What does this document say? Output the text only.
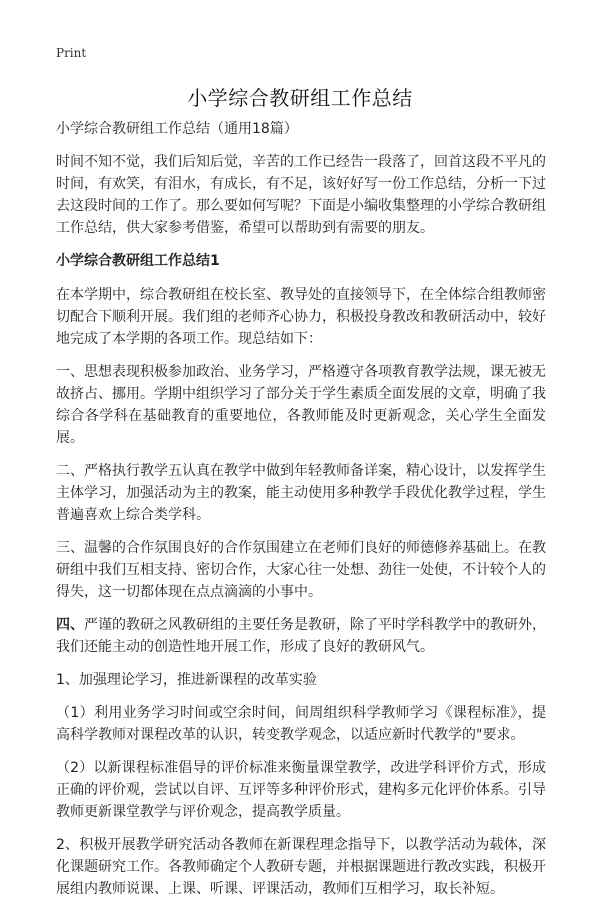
Print
小学综合教研组工作总结

小学综合教研组工作总结（通用18篇）

时间不知不觉，我们后知后觉，辛苦的工作已经告一段落了，回首这段不平凡的时间，有欢笑，有泪水，有成长，有不足，该好好写一份工作总结，分析一下过去这段时间的工作了。那么要如何写呢？下面是小编收集整理的小学综合教研组工作总结，供大家参考借鉴，希望可以帮助到有需要的朋友。

小学综合教研组工作总结1

在本学期中，综合教研组在校长室、教导处的直接领导下，在全体综合组教师密切配合下顺利开展。我们组的老师齐心协力，积极投身教改和教研活动中，较好地完成了本学期的各项工作。现总结如下：

一、思想表现积极参加政治、业务学习，严格遵守各项教育教学法规，课无被无故挤占、挪用。学期中组织学习了部分关于学生素质全面发展的文章，明确了我综合各学科在基础教育的重要地位，各教师能及时更新观念，关心学生全面发展。

二、严格执行教学五认真在教学中做到年轻教师备详案，精心设计，以发挥学生主体学习，加强活动为主的教案，能主动使用多种教学手段优化教学过程，学生普遍喜欢上综合类学科。

三、温馨的合作氛围良好的合作氛围建立在老师们良好的师德修养基础上。在教研组中我们互相支持、密切合作，大家心往一处想、劲往一处使，不计较个人的得失，这一切都体现在点点滴滴的小事中。

四、严谨的教研之风教研组的主要任务是教研，除了平时学科教学中的教研外，我们还能主动的创造性地开展工作，形成了良好的教研风气。

1、加强理论学习，推进新课程的改革实验

（1）利用业务学习时间或空余时间，间周组织科学教师学习《课程标准》，提高科学教师对课程改革的认识，转变教学观念，以适应新时代教学的"要求。

（2）以新课程标准倡导的评价标准来衡量课堂教学，改进学科评价方式，形成正确的评价观，尝试以自评、互评等多种评价形式，建构多元化评价体系。引导教师更新课堂教学与评价观念，提高教学质量。

2、积极开展教学研究活动各教师在新课程理念指导下，以教学活动为载体，深化课题研究工作。各教师确定个人教研专题，并根据课题进行教改实践，积极开展组内教师说课、上课、听课、评课活动，教师们互相学习，取长补短。
